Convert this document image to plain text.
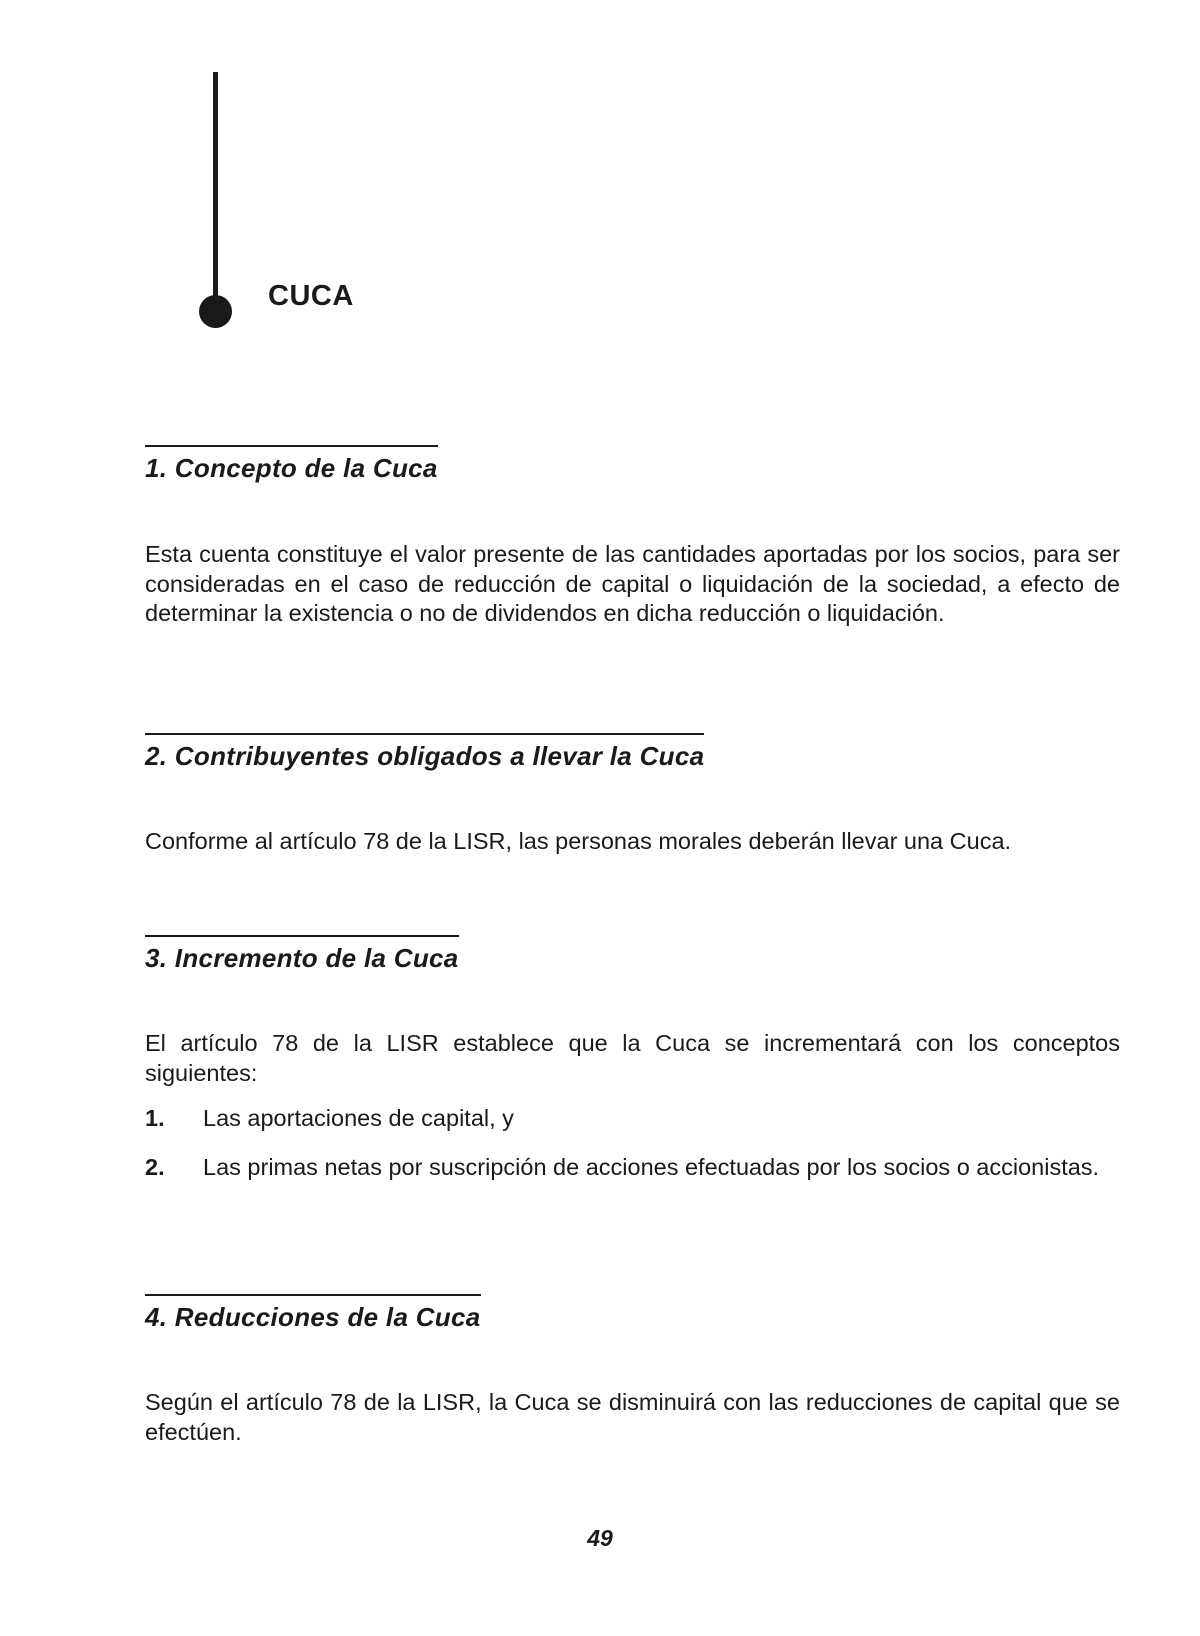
CUCA
1. Concepto de la Cuca

Esta cuenta constituye el valor presente de las cantidades aportadas por los socios, para ser consideradas en el caso de reducción de capital o liquidación de la sociedad, a efecto de determinar la existencia o no de dividendos en dicha reducción o liquidación.

2. Contribuyentes obligados a llevar la Cuca

Conforme al artículo 78 de la LISR, las personas morales deberán llevar una Cuca.

3. Incremento de la Cuca

El artículo 78 de la LISR establece que la Cuca se incrementará con los conceptos siguientes:

1.	Las aportaciones de capital, y
2.	Las primas netas por suscripción de acciones efectuadas por los socios o accionistas.
4. Reducciones de la Cuca

Según el artículo 78 de la LISR, la Cuca se disminuirá con las reducciones de capital que se efectúen.

49
